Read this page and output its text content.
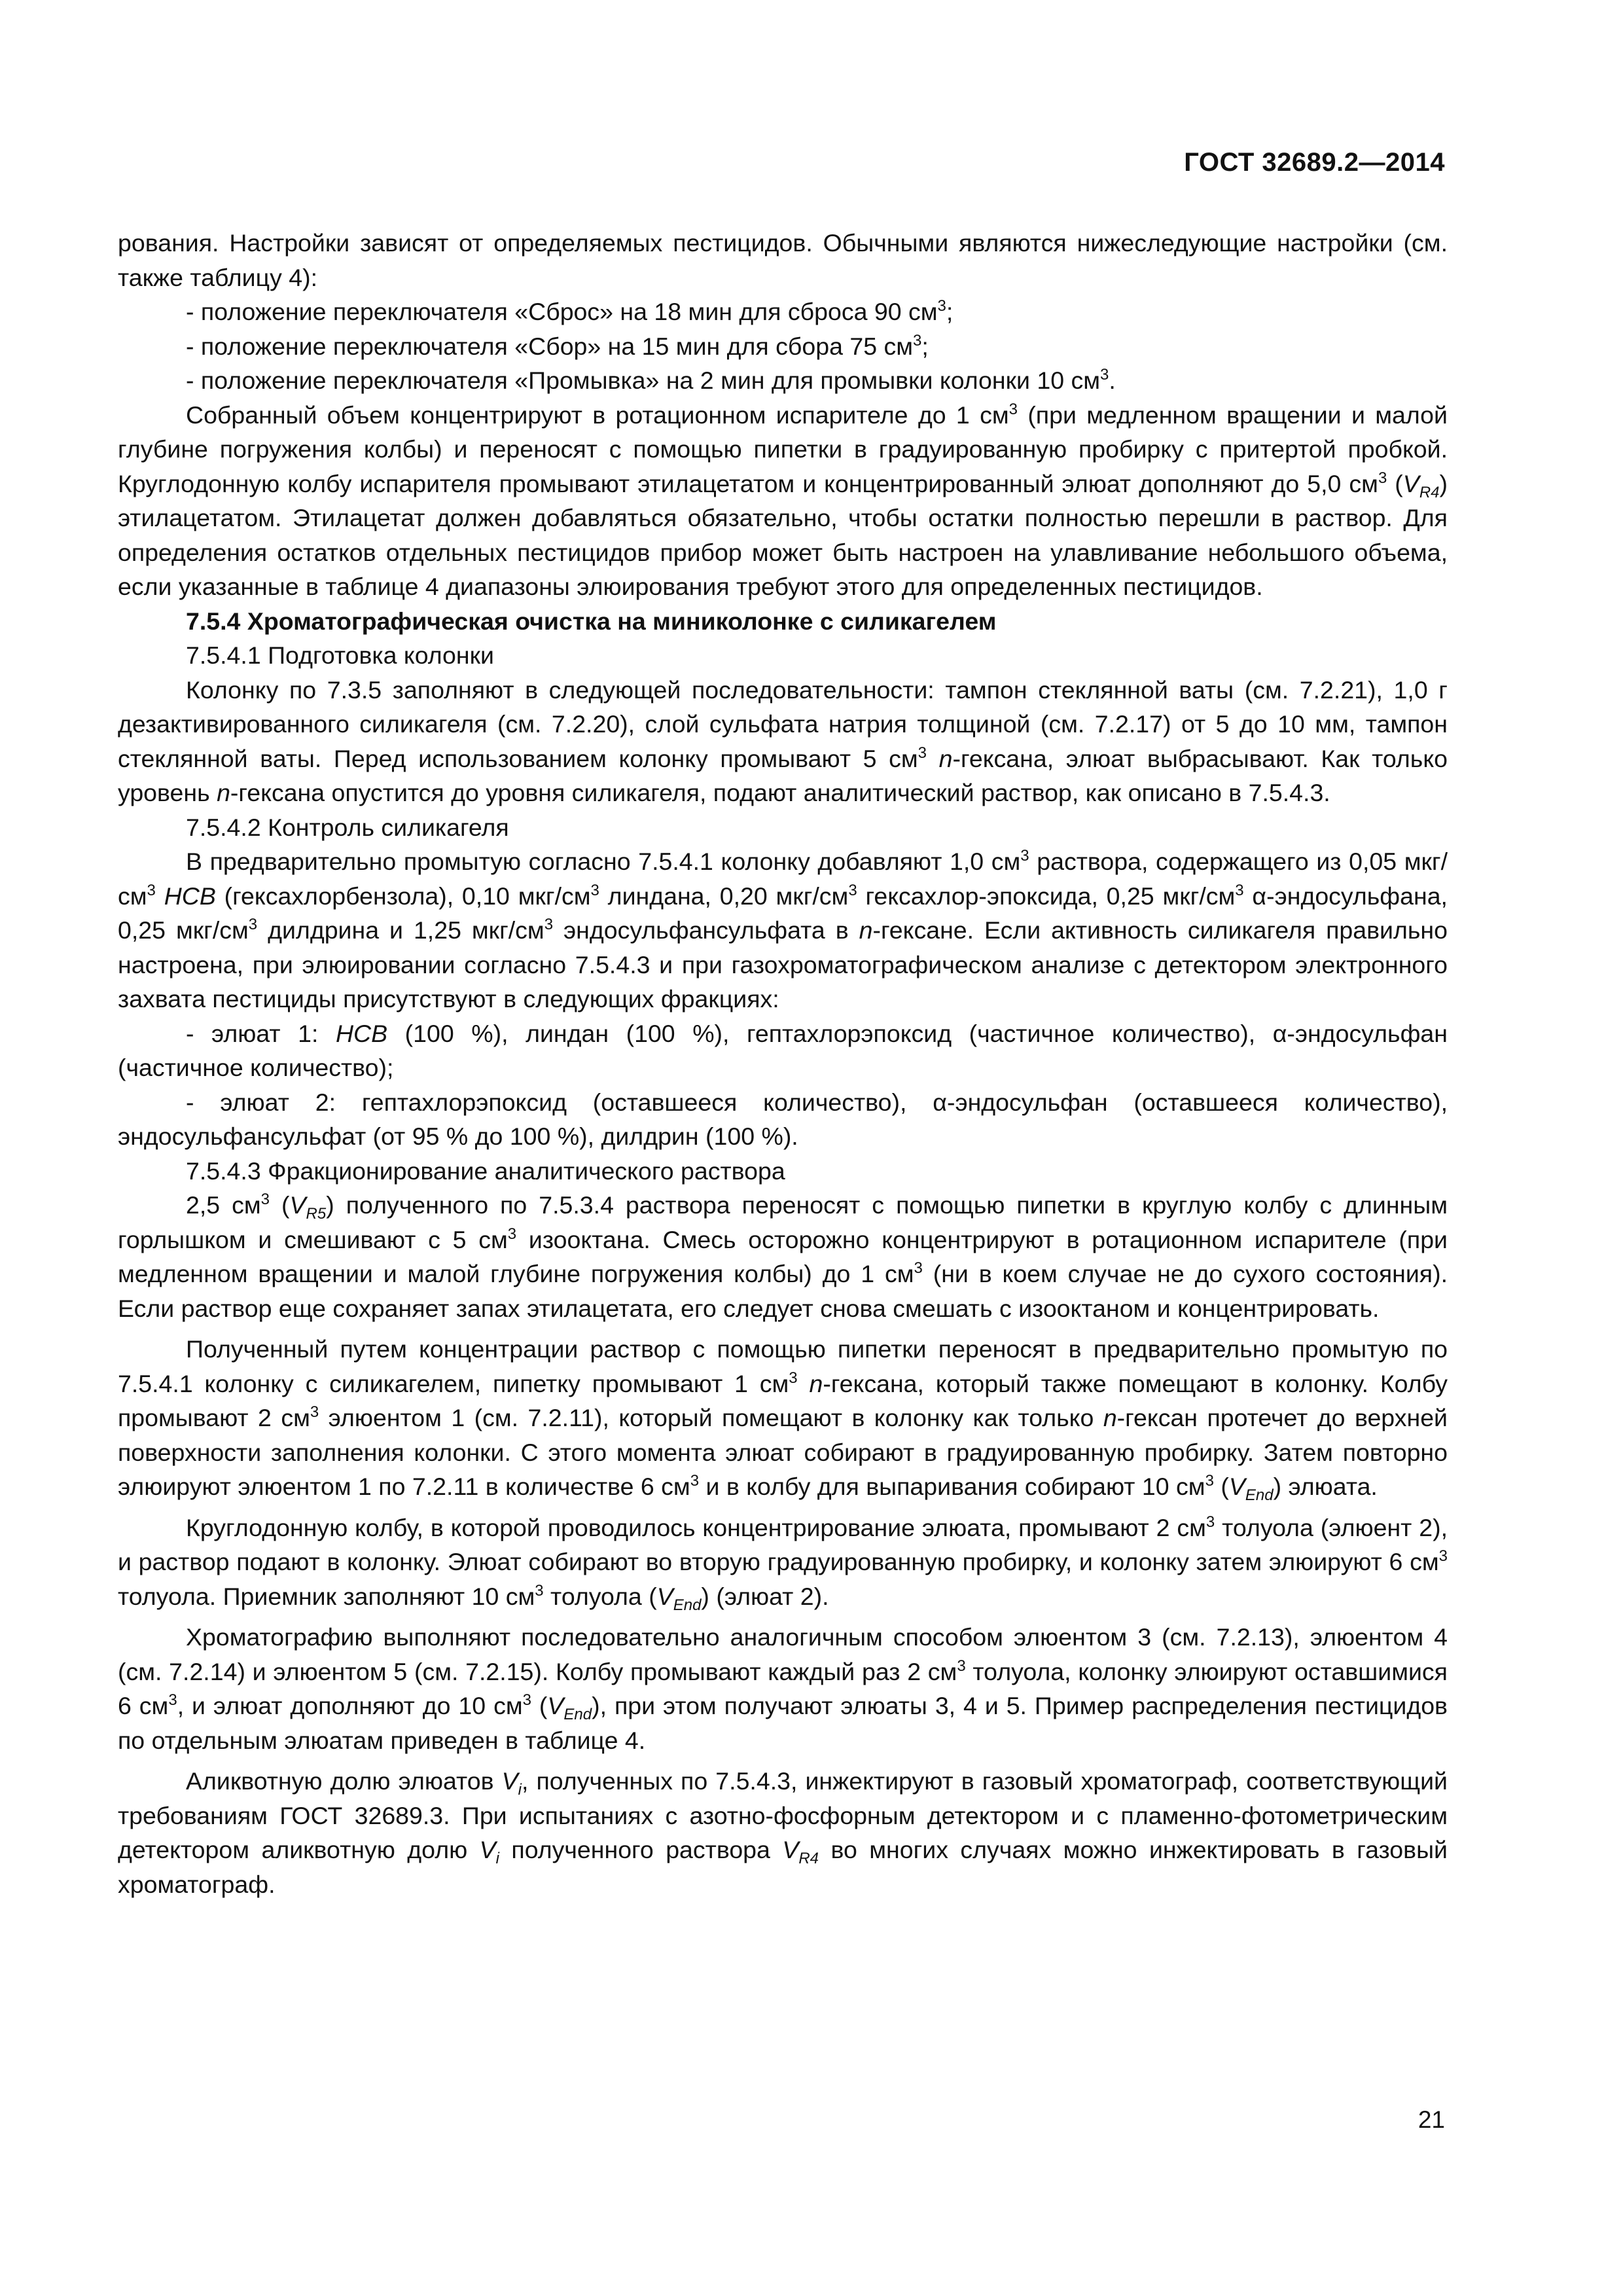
ГОСТ 32689.2—2014

рования. Настройки зависят от определяемых пестицидов. Обычными являются нижеследующие настройки (см. также таблицу 4):

- положение переключателя «Сброс» на 18 мин для сброса 90 $см^3$;

- положение переключателя «Сбор» на 15 мин для сбора 75 $см^3$;

- положение переключателя «Промывка» на 2 мин для промывки колонки 10 $см^3$.

Собранный объем концентрируют в ротационном испарителе до 1 $см^3$ (при медленном вращении и малой глубине погружения колбы) и переносят с помощью пипетки в градуированную пробирку с притертой пробкой. Круглодонную колбу испарителя промывают этилацетатом и концентрированный элюат дополняют до 5,0 $см^3$ $(V_{R4})$ этилацетатом. Этилацетат должен добавляться обязательно, чтобы остатки полностью перешли в раствор. Для определения остатков отдельных пестицидов прибор может быть настроен на улавливание небольшого объема, если указанные в таблице 4 диапазоны элюирования требуют этого для определенных пестицидов.

7.5.4 Хроматографическая очистка на миниколонке с силикагелем

7.5.4.1 Подготовка колонки

Колонку по 7.3.5 заполняют в следующей последовательности: тампон стеклянной ваты (см. 7.2.21), 1,0 г дезактивированного силикагеля (см. 7.2.20), слой сульфата натрия толщиной (см. 7.2.17) от 5 до 10 мм, тампон стеклянной ваты. Перед использованием колонку промывают 5 $см^3$ n-гексана, элюат выбрасывают. Как только уровень n-гексана опустится до уровня силикагеля, подают аналитический раствор, как описано в 7.5.4.3.

7.5.4.2 Контроль силикагеля

В предварительно промытую согласно 7.5.4.1 колонку добавляют 1,0 $см^3$ раствора, содержащего из 0,05 мкг/$см^3$ HCB (гексахлорбензола), 0,10 мкг/$см^3$ линдана, 0,20 мкг/$см^3$ гексахлор-эпоксида, 0,25 мкг/$см^3$ α-эндосульфана, 0,25 мкг/$см^3$ дилдрина и 1,25 мкг/$см^3$ эндосульфансульфата в n-гексане. Если активность силикагеля правильно настроена, при элюировании согласно 7.5.4.3 и при газохроматографическом анализе с детектором электронного захвата пестициды присутствуют в следующих фракциях:

- элюат 1: HCB (100 %), линдан (100 %), гептахлорэпоксид (частичное количество), α-эндосульфан (частичное количество);

- элюат 2: гептахлорэпоксид (оставшееся количество), α-эндосульфан (оставшееся количество), эндосульфансульфат (от 95 % до 100 %), дилдрин (100 %).

7.5.4.3 Фракционирование аналитического раствора

2,5 $см^3$ $(V_{R5})$ полученного по 7.5.3.4 раствора переносят с помощью пипетки в круглую колбу с длинным горлышком и смешивают с 5 $см^3$ изооктана. Смесь осторожно концентрируют в ротационном испарителе (при медленном вращении и малой глубине погружения колбы) до 1 $см^3$ (ни в коем случае не до сухого состояния). Если раствор еще сохраняет запах этилацетата, его следует снова смешать с изооктаном и концентрировать.

Полученный путем концентрации раствор с помощью пипетки переносят в предварительно промытую по 7.5.4.1 колонку с силикагелем, пипетку промывают 1 $см^3$ n-гексана, который также помещают в колонку. Колбу промывают 2 $см^3$ элюентом 1 (см. 7.2.11), который помещают в колонку как только n-гексан протечет до верхней поверхности заполнения колонки. С этого момента элюат собирают в градуированную пробирку. Затем повторно элюируют элюентом 1 по 7.2.11 в количестве 6 $см^3$ и в колбу для выпаривания собирают 10 $см^3$ $(V_{End})$ элюата.

Круглодонную колбу, в которой проводилось концентрирование элюата, промывают 2 $см^3$ толуола (элюент 2), и раствор подают в колонку. Элюат собирают во вторую градуированную пробирку, и колонку затем элюируют 6 $см^3$ толуола. Приемник заполняют 10 $см^3$ толуола $(V_{End})$ (элюат 2).

Хроматографию выполняют последовательно аналогичным способом элюентом 3 (см. 7.2.13), элюентом 4 (см. 7.2.14) и элюентом 5 (см. 7.2.15). Колбу промывают каждый раз 2 $см^3$ толуола, колонку элюируют оставшимися 6 $см^3$, и элюат дополняют до 10 $см^3$ $(V_{End})$, при этом получают элюаты 3, 4 и 5. Пример распределения пестицидов по отдельным элюатам приведен в таблице 4.

Аликвотную долю элюатов $V_i$, полученных по 7.5.4.3, инжектируют в газовый хроматограф, соответствующий требованиям ГОСТ 32689.3. При испытаниях с азотно-фосфорным детектором и с пламенно-фотометрическим детектором аликвотную долю $V_i$ полученного раствора $V_{R4}$ во многих случаях можно инжектировать в газовый хроматограф.

21
